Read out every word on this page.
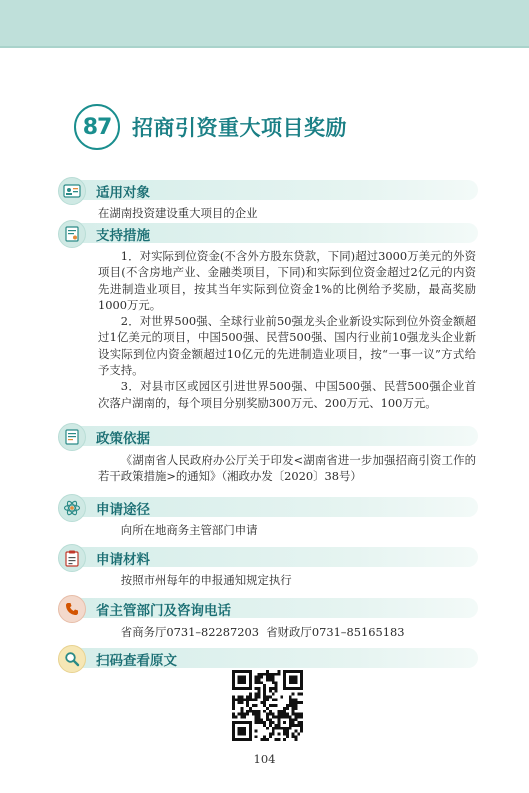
87 招商引资重大项目奖励
适用对象

在湖南投资建设重大项目的企业

支持措施

1．对实际到位资金(不含外方股东贷款，下同)超过3000万美元的外资项目(不含房地产业、金融类项目，下同)和实际到位资金超过2亿元的内资先进制造业项目，按其当年实际到位资金1%的比例给予奖励，最高奖励1000万元。

2．对世界500强、全球行业前50强龙头企业新设实际到位外资金额超过1亿美元的项目，中国500强、民营500强、国内行业前10强龙头企业新设实际到位内资金额超过10亿元的先进制造业项目，按“一事一议”方式给予支持。

3．对县市区或园区引进世界500强、中国500强、民营500强企业首次落户湖南的，每个项目分别奖励300万元、200万元、100万元。

政策依据

《湖南省人民政府办公厅关于印发<湖南省进一步加强招商引资工作的若干政策措施>的通知》（湘政办发〔2020〕38号）

申请途径

向所在地商务主管部门申请

申请材料

按照市州每年的申报通知规定执行

省主管部门及咨询电话

省商务厅0731–82287203  省财政厅0731–85165183

扫码查看原文
104
